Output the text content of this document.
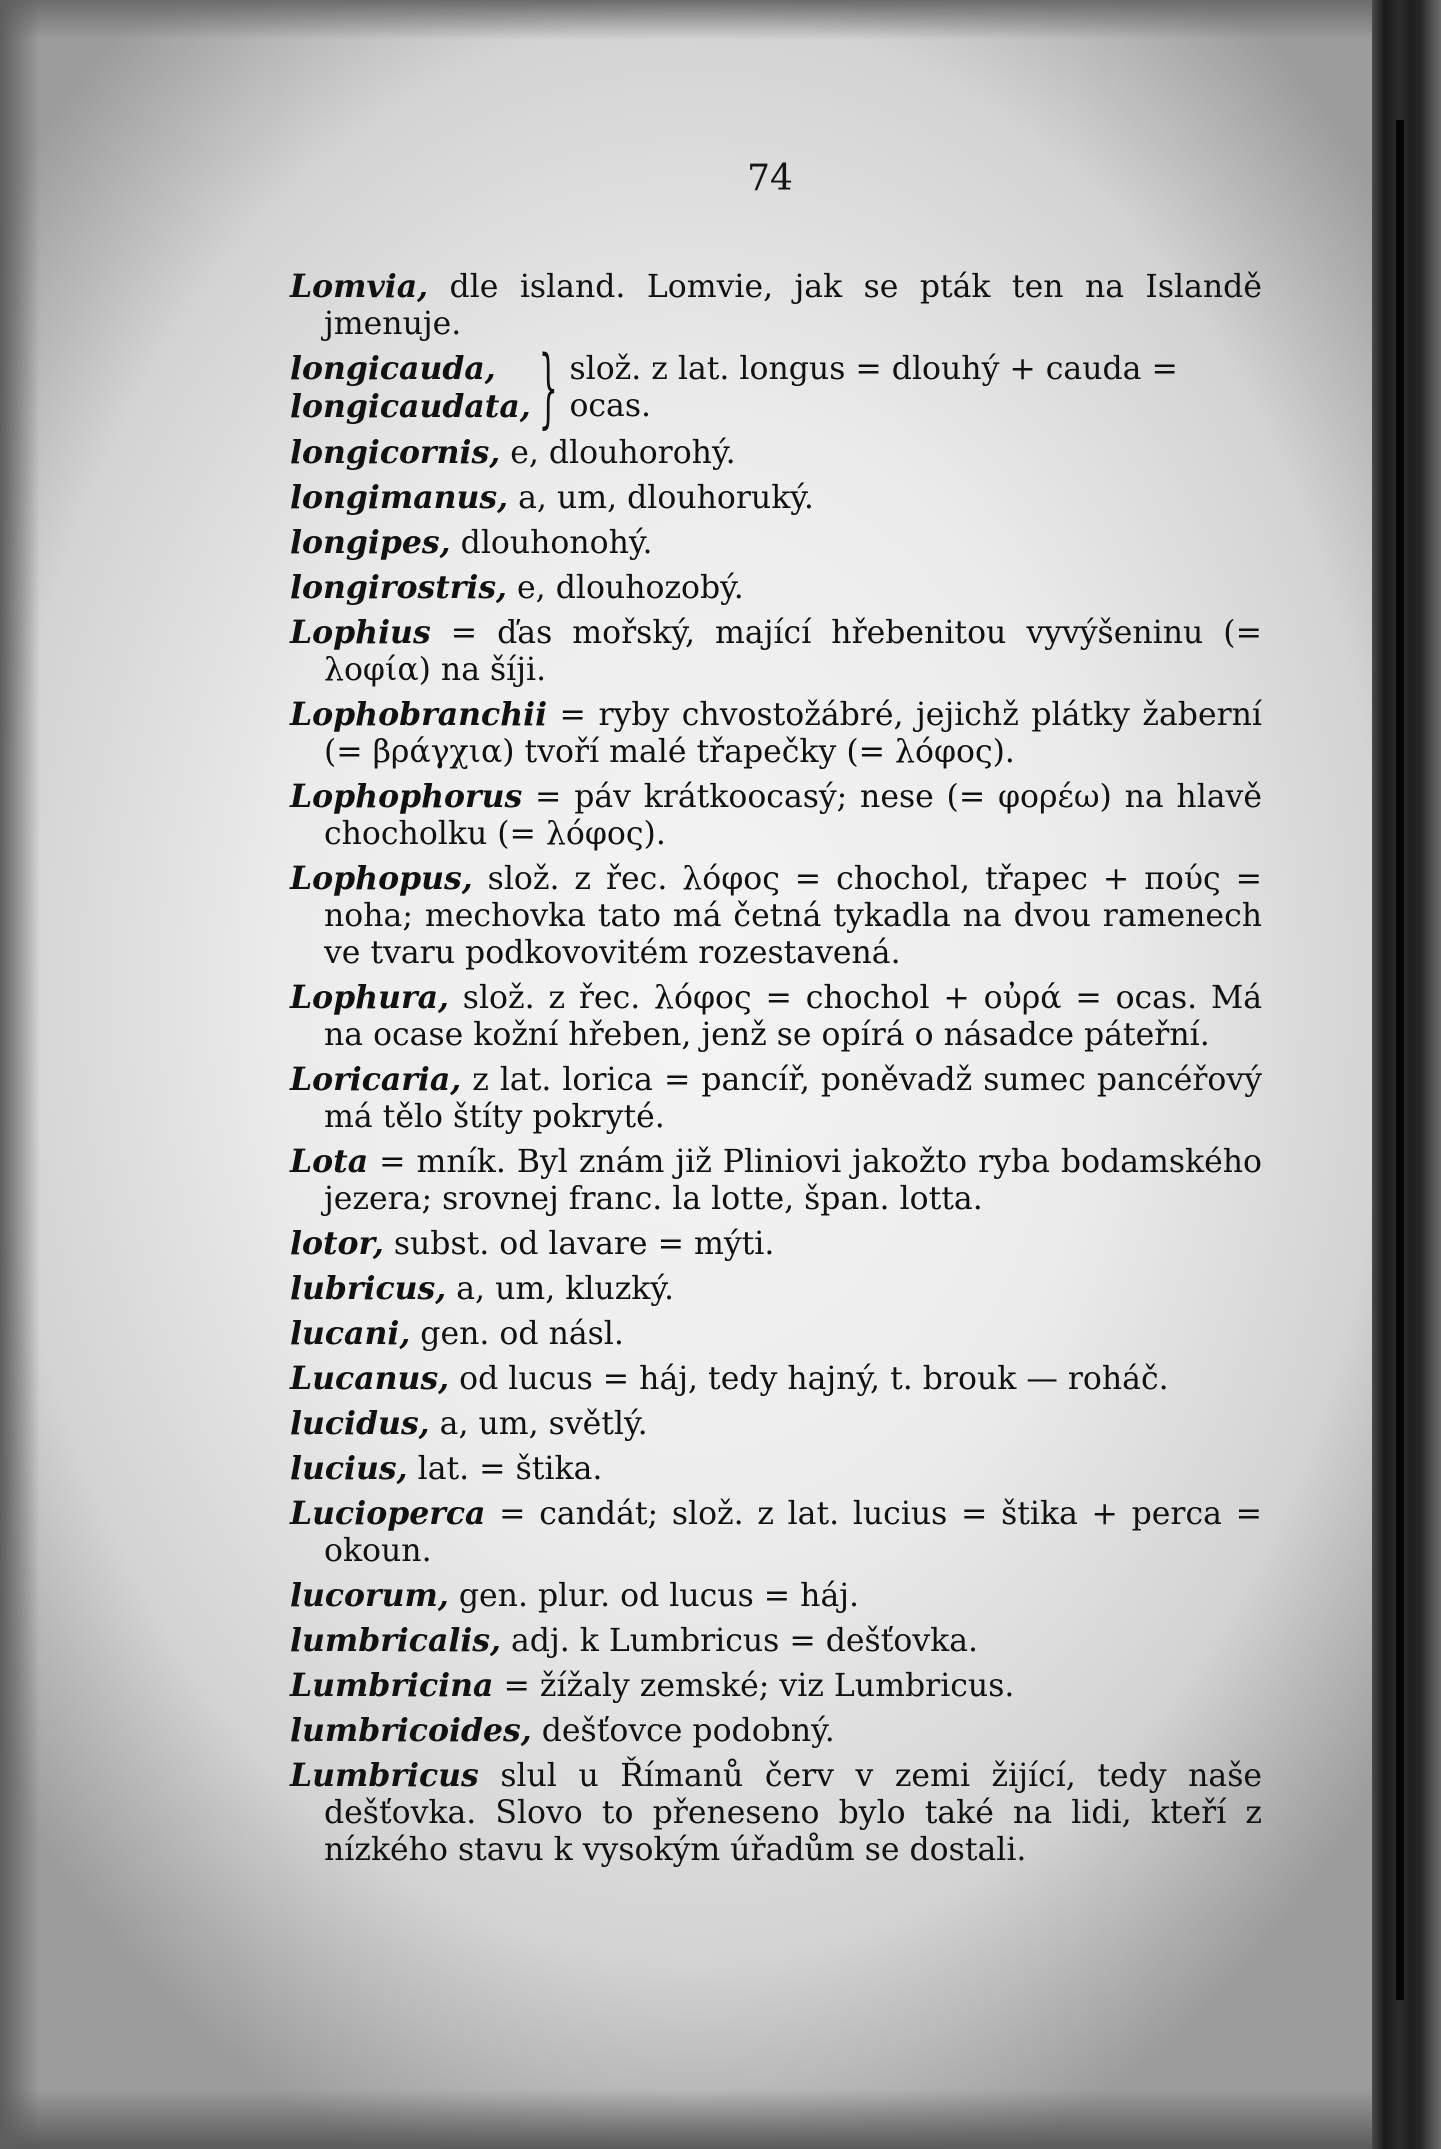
74

Lomvia, dle island. Lomvie, jak se pták ten na Islandě jmenuje.

longicauda,
longicaudata, } slož. z lat. longus = dlouhý + cauda = ocas.

longicornis, e, dlouhorohý.

longimanus, a, um, dlouhoruký.

longipes, dlouhonohý.

longirostris, e, dlouhozobý.

Lophius = ďas mořský, mající hřebenitou vyvýšeninu (= λοφία) na šíji.

Lophobranchii = ryby chvostožábré, jejichž plátky žaberní (= βράγχια) tvoří malé třapečky (= λόφος).

Lophophorus = páv krátkoocasý; nese (= φορέω) na hlavě chocholku (= λόφος).

Lophopus, slož. z řec. λόφος = chochol, třapec + πούς = noha; mechovka tato má četná tykadla na dvou ramenech ve tvaru podkovovitém rozestavená.

Lophura, slož. z řec. λόφος = chochol + οὐρά = ocas. Má na ocase kožní hřeben, jenž se opírá o násadce páteřní.

Loricaria, z lat. lorica = pancíř, poněvadž sumec pancéřový má tělo štíty pokryté.

Lota = mník. Byl znám již Pliniovi jakožto ryba bodamského jezera; srovnej franc. la lotte, špan. lotta.

lotor, subst. od lavare = mýti.

lubricus, a, um, kluzký.

lucani, gen. od násl.

Lucanus, od lucus = háj, tedy hajný, t. brouk — roháč.

lucidus, a, um, světlý.

lucius, lat. = štika.

Lucioperca = candát; slož. z lat. lucius = štika + perca = okoun.

lucorum, gen. plur. od lucus = háj.

lumbricalis, adj. k Lumbricus = dešťovka.

Lumbricina = žížaly zemské; viz Lumbricus.

lumbricoides, dešťovce podobný.

Lumbricus slul u Římanů červ v zemi žijící, tedy naše dešťovka. Slovo to přeneseno bylo také na lidi, kteří z nízkého stavu k vysokým úřadům se dostali.
